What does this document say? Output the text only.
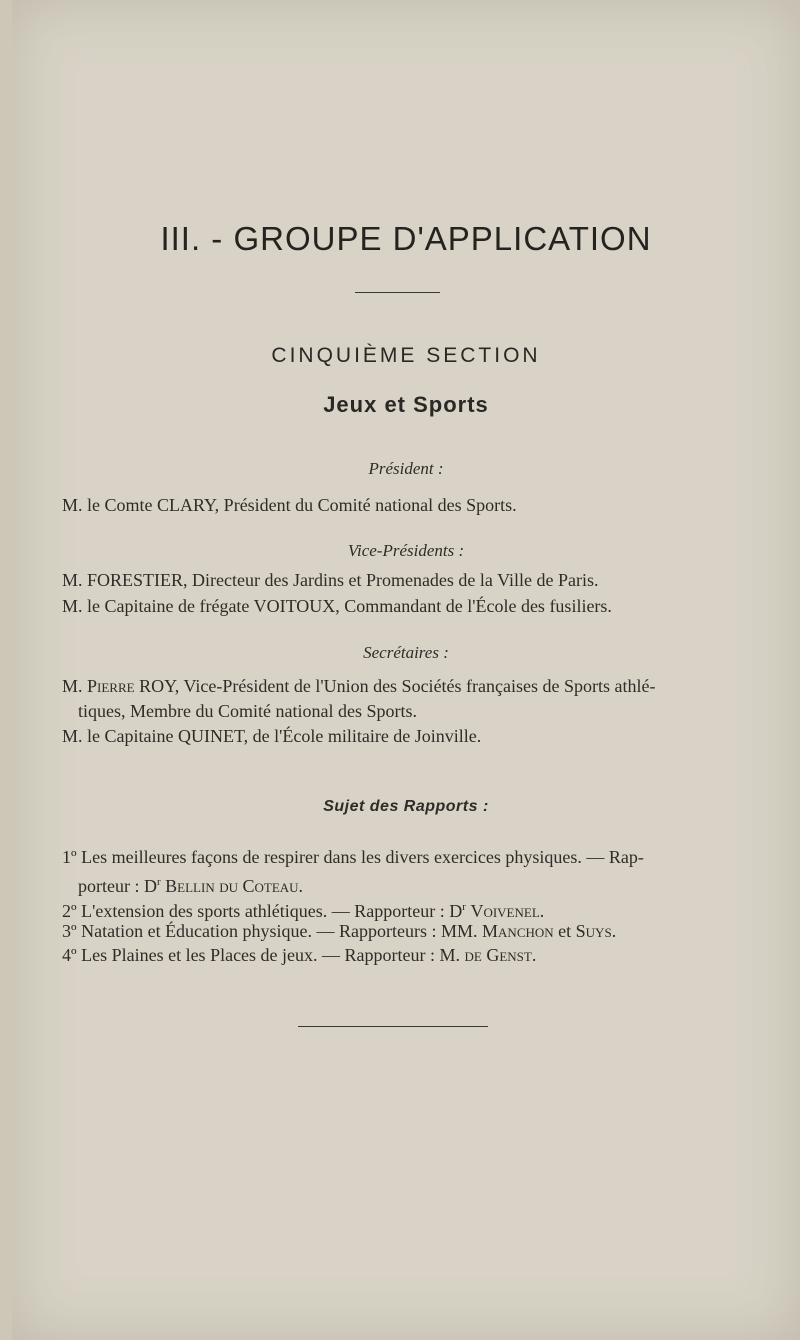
III. - GROUPE D'APPLICATION
CINQUIÈME SECTION
Jeux et Sports
Président :
M. le Comte CLARY, Président du Comité national des Sports.
Vice-Présidents :
M. FORESTIER, Directeur des Jardins et Promenades de la Ville de Paris.
M. le Capitaine de frégate VOITOUX, Commandant de l'École des fusiliers.
Secrétaires :
M. Pierre ROY, Vice-Président de l'Union des Sociétés françaises de Sports athlé-
tiques, Membre du Comité national des Sports.
M. le Capitaine QUINET, de l'École militaire de Joinville.
Sujet des Rapports :
1º Les meilleures façons de respirer dans les divers exercices physiques. — Rap-
porteur : $D^r$ Bellin du Coteau.
2º L'extension des sports athlétiques. — Rapporteur : $D^r$ Voivenel.
3º Natation et Éducation physique. — Rapporteurs : MM. Manchon et Suys.
4º Les Plaines et les Places de jeux. — Rapporteur : M. de Genst.
